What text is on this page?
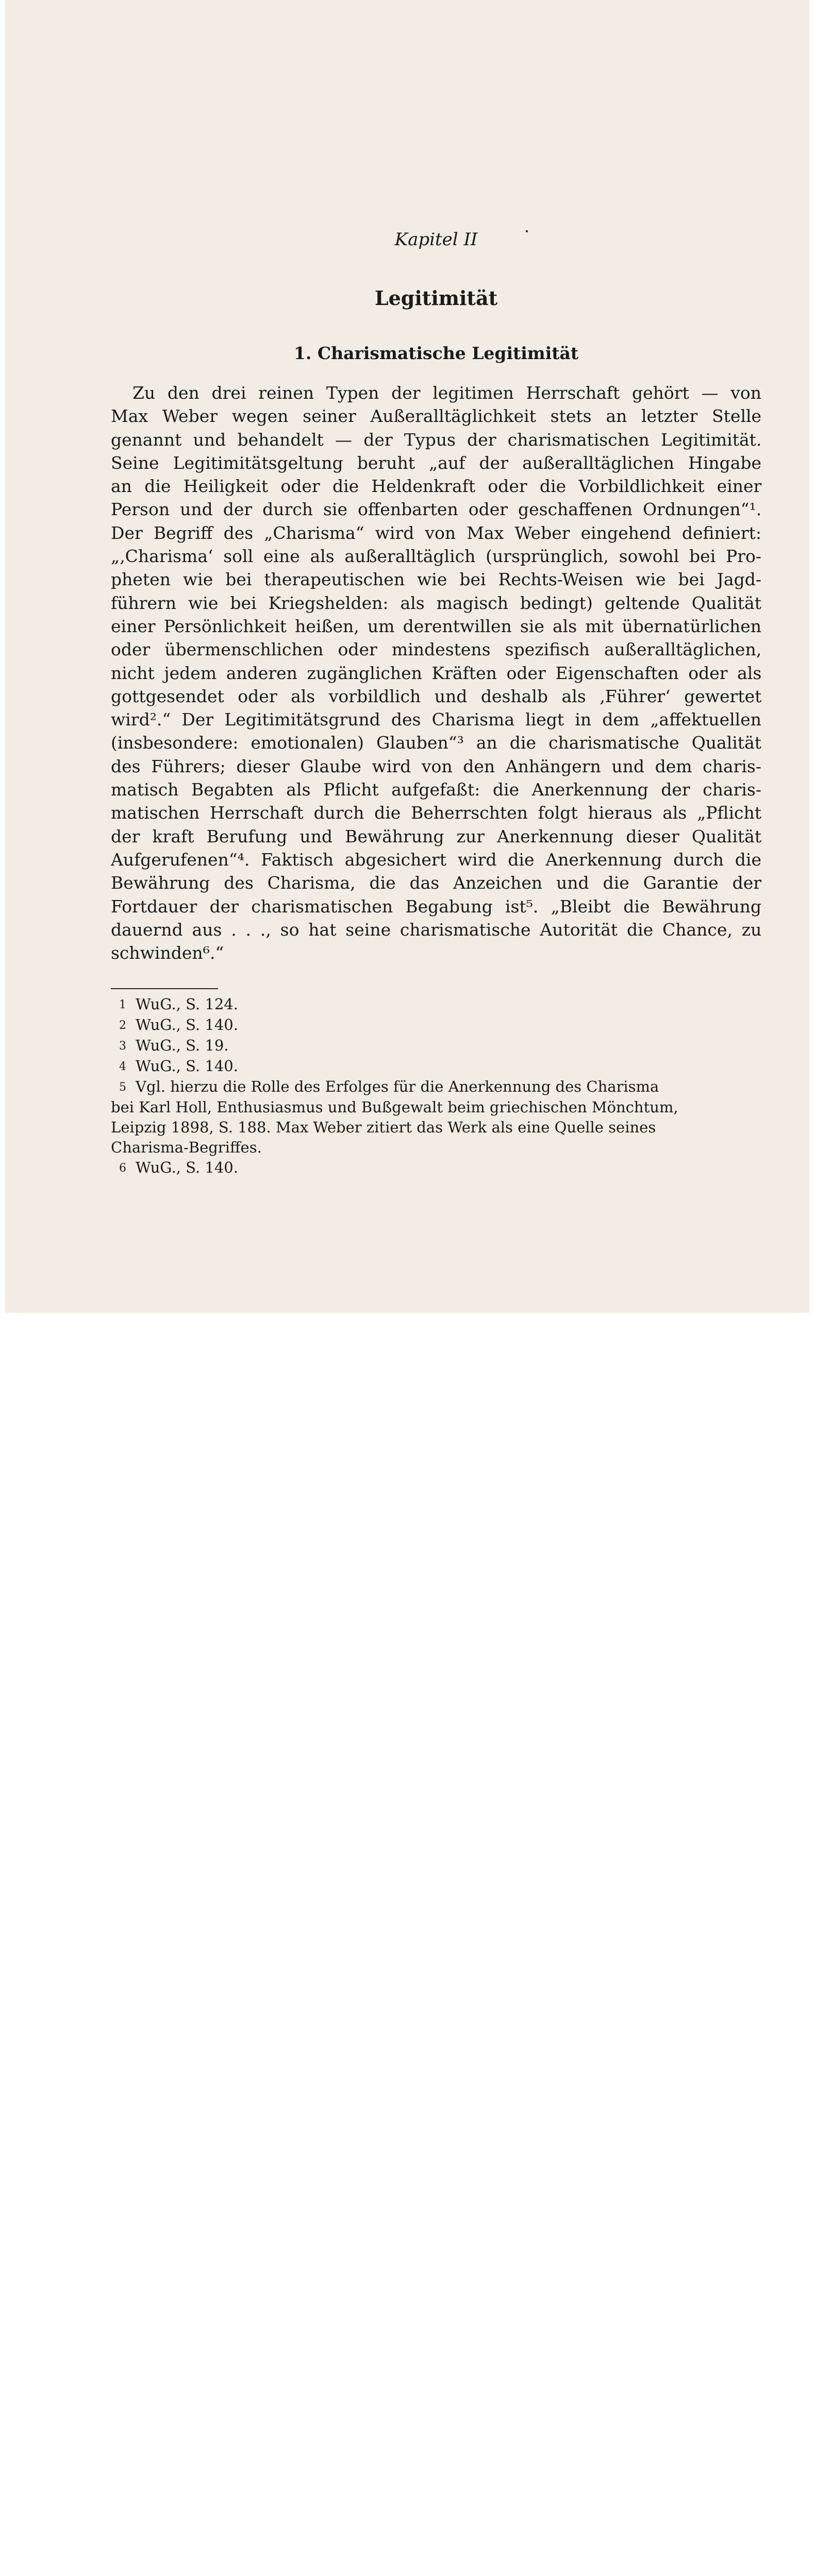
Kapitel II
Legitimität
1. Charismatische Legitimität
Zu den drei reinen Typen der legitimen Herrschaft gehört — von
Max Weber wegen seiner Außeralltäglichkeit stets an letzter Stelle
genannt und behandelt — der Typus der charismatischen Legitimität.
Seine Legitimitätsgeltung beruht „auf der außeralltäglichen Hingabe
an die Heiligkeit oder die Heldenkraft oder die Vorbildlichkeit einer
Person und der durch sie offenbarten oder geschaffenen Ordnungen“¹.
Der Begriff des „Charisma“ wird von Max Weber eingehend definiert:
„‚Charisma‘ soll eine als außeralltäglich (ursprünglich, sowohl bei Pro-
pheten wie bei therapeutischen wie bei Rechts-Weisen wie bei Jagd-
führern wie bei Kriegshelden: als magisch bedingt) geltende Qualität
einer Persönlichkeit heißen, um derentwillen sie als mit übernatürlichen
oder übermenschlichen oder mindestens spezifisch außeralltäglichen,
nicht jedem anderen zugänglichen Kräften oder Eigenschaften oder als
gottgesendet oder als vorbildlich und deshalb als ‚Führer‘ gewertet
wird².“ Der Legitimitätsgrund des Charisma liegt in dem „affektuellen
(insbesondere: emotionalen) Glauben“³ an die charismatische Qualität
des Führers; dieser Glaube wird von den Anhängern und dem charis-
matisch Begabten als Pflicht aufgefaßt: die Anerkennung der charis-
matischen Herrschaft durch die Beherrschten folgt hieraus als „Pflicht
der kraft Berufung und Bewährung zur Anerkennung dieser Qualität
Aufgerufenen“⁴. Faktisch abgesichert wird die Anerkennung durch die
Bewährung des Charisma, die das Anzeichen und die Garantie der
Fortdauer der charismatischen Begabung ist⁵. „Bleibt die Bewährung
dauernd aus . . ., so hat seine charismatische Autorität die Chance, zu
schwinden⁶.“
1 WuG., S. 124.
2 WuG., S. 140.
3 WuG., S. 19.
4 WuG., S. 140.
5 Vgl. hierzu die Rolle des Erfolges für die Anerkennung des Charisma
bei Karl Holl, Enthusiasmus und Bußgewalt beim griechischen Mönchtum,
Leipzig 1898, S. 188. Max Weber zitiert das Werk als eine Quelle seines
Charisma-Begriffes.
6 WuG., S. 140.
